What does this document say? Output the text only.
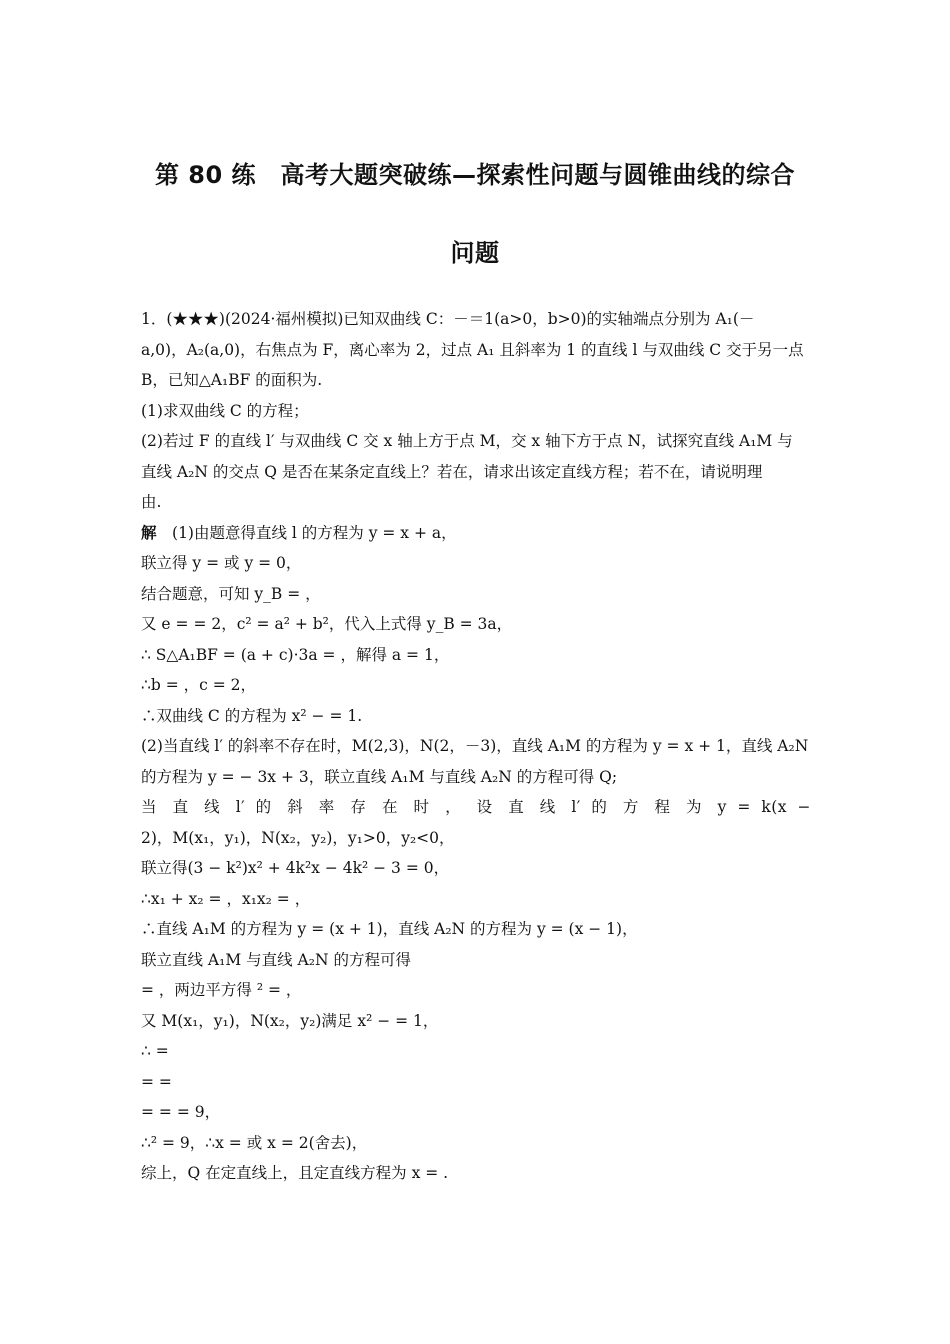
第 80 练　高考大题突破练—探索性问题与圆锥曲线的综合
问题
1．(★★★)(2024·福州模拟)已知双曲线 C：－＝1(a>0，b>0)的实轴端点分别为 A₁(－
a,0)，A₂(a,0)，右焦点为 F，离心率为 2，过点 A₁ 且斜率为 1 的直线 l 与双曲线 C 交于另一点
B，已知△A₁BF 的面积为.
(1)求双曲线 C 的方程；
(2)若过 F 的直线 l′ 与双曲线 C 交 x 轴上方于点 M，交 x 轴下方于点 N，试探究直线 A₁M 与
直线 A₂N 的交点 Q 是否在某条定直线上？若在，请求出该定直线方程；若不在，请说明理
由.
解　(1)由题意得直线 l 的方程为 y = x + a，
联立得 y = 或 y = 0，
结合题意，可知 y_B = ，
又 e = = 2，c² = a² + b²，代入上式得 y_B = 3a，
∴ S△A₁BF = (a + c)·3a = ，解得 a = 1，
∴b = ，c = 2，
∴双曲线 C 的方程为 x² − = 1.
(2)当直线 l′ 的斜率不存在时，M(2,3)，N(2，－3)，直线 A₁M 的方程为 y = x + 1，直线 A₂N
的方程为 y = − 3x + 3，联立直线 A₁M 与直线 A₂N 的方程可得 Q;
当 直 线 l′ 的 斜 率 存 在 时 ， 设 直 线 l′ 的 方 程 为 y = k(x −
2)，M(x₁，y₁)，N(x₂，y₂)，y₁>0，y₂<0，
联立得(3 − k²)x² + 4k²x − 4k² − 3 = 0，
∴x₁ + x₂ = ，x₁x₂ = ，
∴直线 A₁M 的方程为 y = (x + 1)，直线 A₂N 的方程为 y = (x − 1)，
联立直线 A₁M 与直线 A₂N 的方程可得
= ，两边平方得 ² = ，
又 M(x₁，y₁)，N(x₂，y₂)满足 x² − = 1，
∴ =
= =
= = = 9，
∴² = 9，∴x = 或 x = 2(舍去)，
综上，Q 在定直线上，且定直线方程为 x = .
